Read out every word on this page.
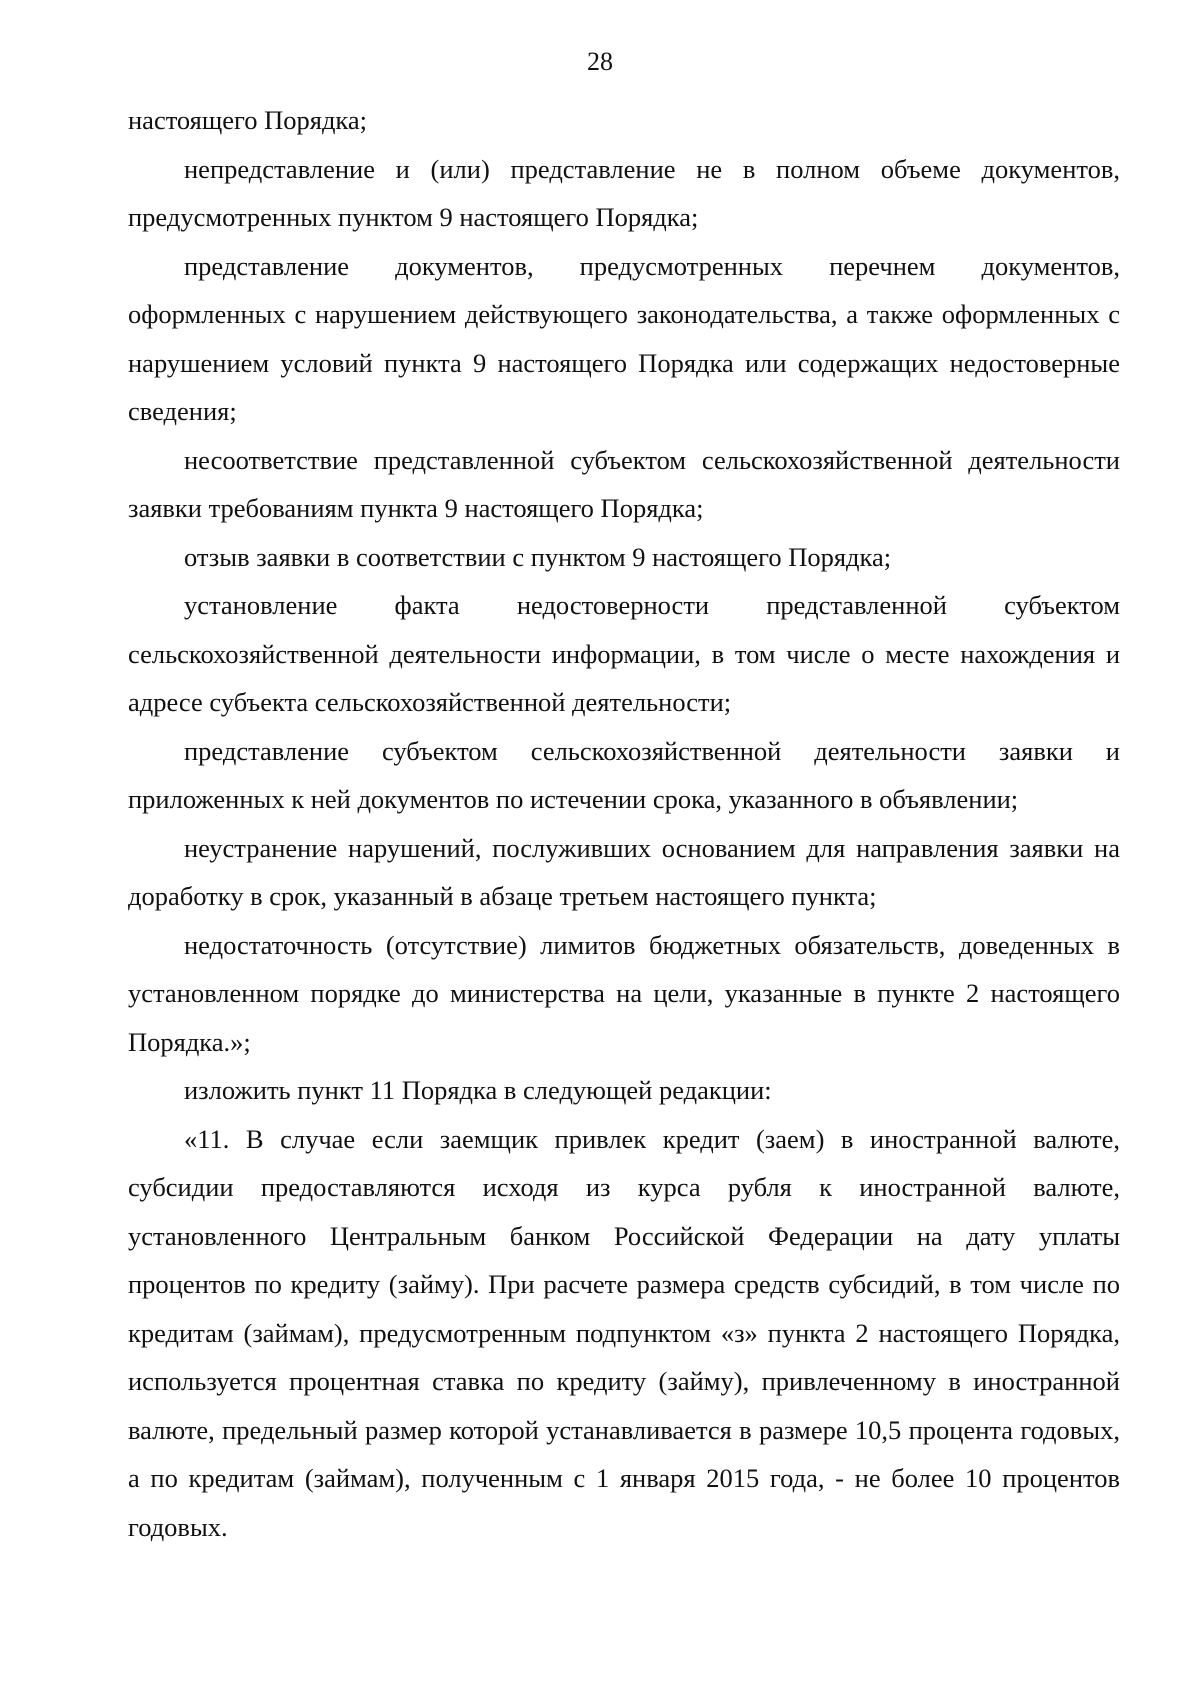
28

настоящего Порядка;

непредставление и (или) представление не в полном объеме документов, предусмотренных пунктом 9 настоящего Порядка;

представление документов, предусмотренных перечнем документов, оформленных с нарушением действующего законодательства, а также оформленных с нарушением условий пункта 9 настоящего Порядка или содержащих недостоверные сведения;

несоответствие представленной субъектом сельскохозяйственной деятельности заявки требованиям пункта 9 настоящего Порядка;

отзыв заявки в соответствии с пунктом 9 настоящего Порядка;

установление факта недостоверности представленной субъектом сельскохозяйственной деятельности информации, в том числе о месте нахождения и адресе субъекта сельскохозяйственной деятельности;

представление субъектом сельскохозяйственной деятельности заявки и приложенных к ней документов по истечении срока, указанного в объявлении;

неустранение нарушений, послуживших основанием для направления заявки на доработку в срок, указанный в абзаце третьем настоящего пункта;

недостаточность (отсутствие) лимитов бюджетных обязательств, доведенных в установленном порядке до министерства на цели, указанные в пункте 2 настоящего Порядка.»;

изложить пункт 11 Порядка в следующей редакции:

«11. В случае если заемщик привлек кредит (заем) в иностранной валюте, субсидии предоставляются исходя из курса рубля к иностранной валюте, установленного Центральным банком Российской Федерации на дату уплаты процентов по кредиту (займу). При расчете размера средств субсидий, в том числе по кредитам (займам), предусмотренным подпунктом «з» пункта 2 настоящего Порядка, используется процентная ставка по кредиту (займу), привлеченному в иностранной валюте, предельный размер которой устанавливается в размере 10,5 процента годовых, а по кредитам (займам), полученным с 1 января 2015 года, - не более 10 процентов годовых.
